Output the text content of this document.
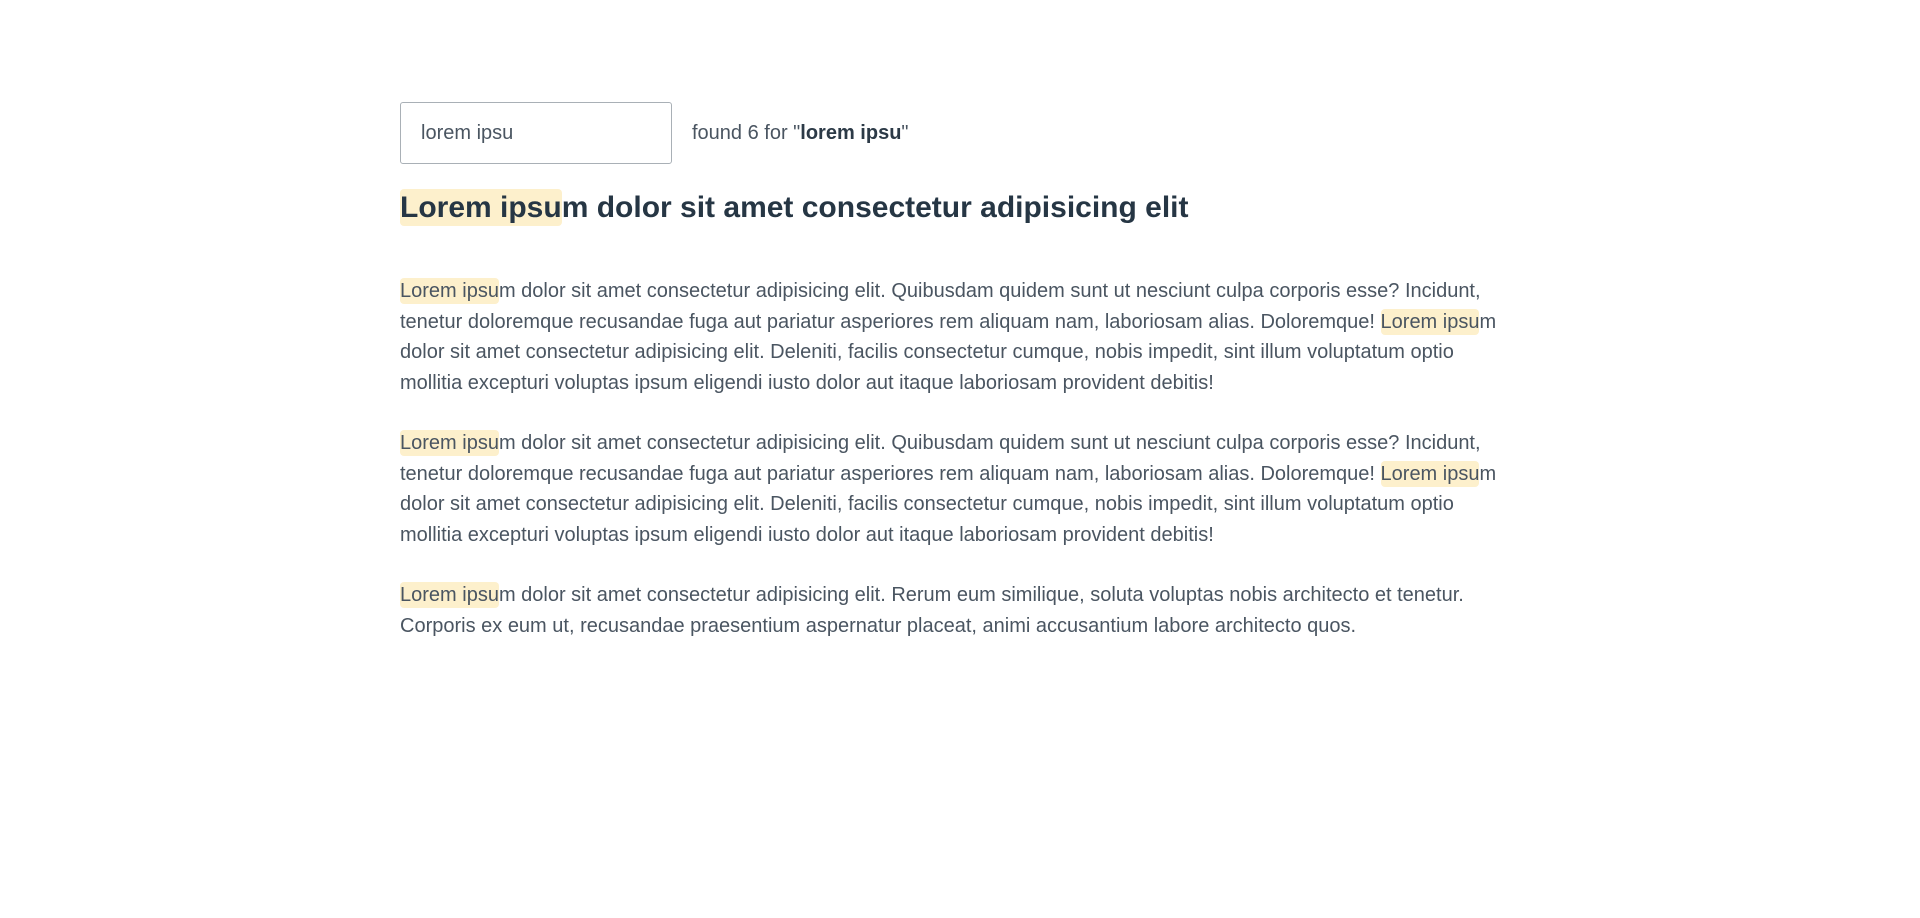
lorem ipsu
found 6 for "lorem ipsu"
Lorem ipsum dolor sit amet consectetur adipisicing elit

Lorem ipsum dolor sit amet consectetur adipisicing elit. Quibusdam quidem sunt ut nesciunt culpa corporis esse? Incidunt, tenetur doloremque recusandae fuga aut pariatur asperiores rem aliquam nam, laboriosam alias. Doloremque! Lorem ipsum dolor sit amet consectetur adipisicing elit. Deleniti, facilis consectetur cumque, nobis impedit, sint illum voluptatum optio mollitia excepturi voluptas ipsum eligendi iusto dolor aut itaque laboriosam provident debitis!

Lorem ipsum dolor sit amet consectetur adipisicing elit. Quibusdam quidem sunt ut nesciunt culpa corporis esse? Incidunt, tenetur doloremque recusandae fuga aut pariatur asperiores rem aliquam nam, laboriosam alias. Doloremque! Lorem ipsum dolor sit amet consectetur adipisicing elit. Deleniti, facilis consectetur cumque, nobis impedit, sint illum voluptatum optio mollitia excepturi voluptas ipsum eligendi iusto dolor aut itaque laboriosam provident debitis!

Lorem ipsum dolor sit amet consectetur adipisicing elit. Rerum eum similique, soluta voluptas nobis architecto et tenetur. Corporis ex eum ut, recusandae praesentium aspernatur placeat, animi accusantium labore architecto quos.
